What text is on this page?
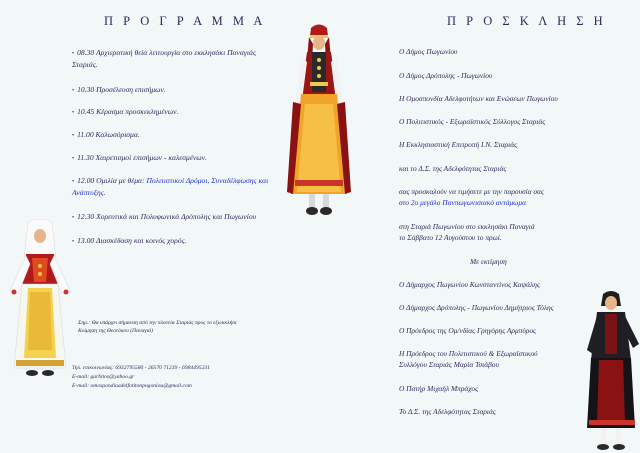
Π Ρ Ο Γ Ρ Α Μ Μ Α
• 08.30 Αρχιερατική θεία λειτουργία στο εκκλησάκι Παναγιάς Σταριάς.
• 10.30 Προσέλευση επισήμων.
• 10.45 Κέρασμα προσκεκλημένων.
• 11.00 Καλωσόρισμα.
• 11.30 Χαιρετισμοί επισήμων - καλεσμένων.
• 12.00 Ομιλία με θέμα: Πολιτιστικοί Δρόμοι, Συναδέλφωσης και Ανάπτυξης.
• 12.30 Χορευτικά και Πολυφωνικά Δρόπολης και Πωγωνίου
• 13.00 Διασκέδαση και κοινός χορός.
Σημ.: Θα υπάρχει σήμανση από την πλατεία Σταριάς προς το εξωκκλήσι
Κοίμηση της Θεοτόκου (Παναγιά)
Τηλ. επικοινωνίας: 6932795580 - 26570 71239 - 6984495231
E-mail: garbitos@yahoo.gr
E-mail: omospondiaadelfotitonpogoniou@gmail.com
Π Ρ Ο Σ Κ Λ Η Σ Η
Ο Δήμος Πωγωνίου
Ο Δήμος Δρόπολης - Πωγωνίου
Η Ομοσπονδία Αδελφοτήτων και Ενώσεων Πωγωνίου
Ο Πολιτιστικός - Εξωραϊστικός Σύλλογος Σταριάς
Η Εκκλησιαστική Επιτροπή Ι.Ν. Σταριάς
και το Δ.Σ. της Αδελφότητας Σταριάς
σας προσκαλούν να τιμήσετε με την παρουσία σας
στο 2ο μεγάλο Πανπωγωνισιακό αντάμωμα
στη Σταριά Πωγωνίου στο εκκλησάκι Παναγιά
το Σάββατο 12 Αυγούστου το πρωί.
Με εκτίμηση
Ο Δήμαρχος Πωγωνίου Κωνσταντίνος Καψάλης
Ο Δήμαρχος Δρόπολης - Πωγωνίου Δημήτριος Τόλης
Ο Πρόεδρος της Ομ/νδίας Γρηγόρης Αρμπύρος
Η Πρόεδρος του Πολιτιστικού & Εξωραϊστικού
Συλλόγου Σταριάς Μαρία Τσιάβου
Ο Πατήρ Μιχαήλ Μπράχος
Το Δ.Σ. της Αδελφότητας Σταριάς
